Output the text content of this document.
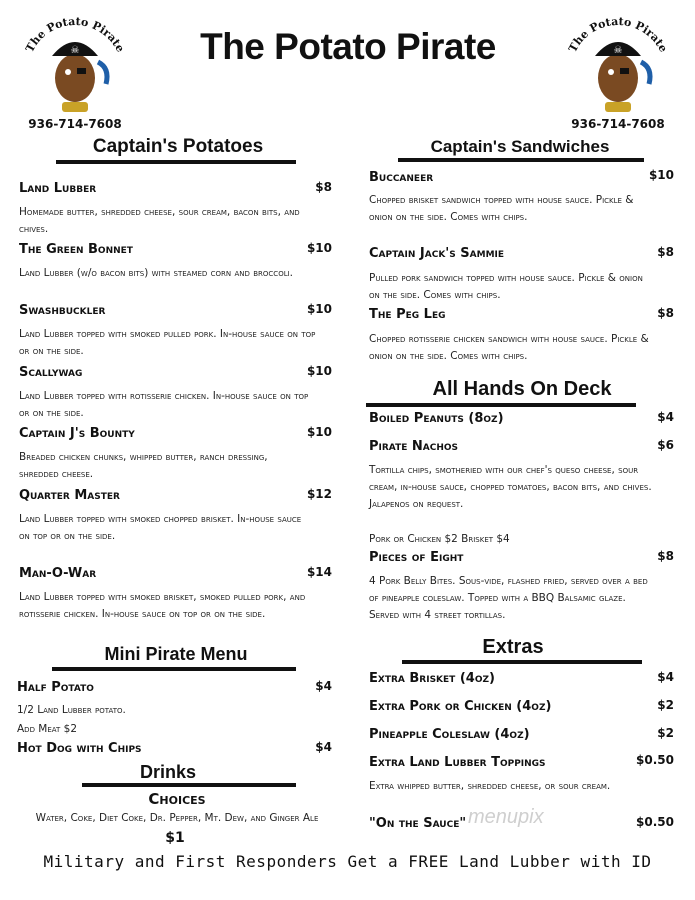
The Potato Pirate
☠
936-714-7608
The Potato Pirate
☠
936-714-7608
The Potato Pirate
Captain's Potatoes
Land Lubber	$8
Homemade butter, shredded cheese, sour cream, bacon bits, and chives.
The Green Bonnet	$10
Land Lubber (w/o bacon bits) with steamed corn and broccoli.
Swashbuckler	$10
Land Lubber topped with smoked pulled pork. In-house sauce on top or on the side.
Scallywag	$10
Land Lubber topped with rotisserie chicken. In-house sauce on top or on the side.
Captain J's Bounty	$10
Breaded chicken chunks, whipped butter, ranch dressing, shredded cheese.
Quarter Master	$12
Land Lubber topped with smoked chopped brisket. In-house sauce on top or on the side.
Man-O-War	$14
Land Lubber topped with smoked brisket, smoked pulled pork, and rotisserie chicken. In-house sauce on top or on the side.
Mini Pirate Menu
Half Potato	$4
1/2 Land Lubber potato.
Add Meat $2
Hot Dog with Chips	$4
Drinks
Choices
Water, Coke, Diet Coke, Dr. Pepper, Mt. Dew, and Ginger Ale
$1
Captain's Sandwiches
Buccaneer	$10
Chopped brisket sandwich topped with house sauce. Pickle & onion on the side. Comes with chips.
Captain Jack's Sammie	$8
Pulled pork sandwich topped with house sauce. Pickle & onion on the side. Comes with chips.
The Peg Leg	$8
Chopped rotisserie chicken sandwich with house sauce. Pickle & onion on the side. Comes with chips.
All Hands On Deck
Boiled Peanuts (8oz)	$4
Pirate Nachos	$6
Tortilla chips, smotheried with our chef's queso cheese, sour cream, in-house sauce, chopped tomatoes, bacon bits, and chives. Jalapenos on request.
Pork or Chicken $2 Brisket $4
Pieces of Eight	$8
4 Pork Belly Bites. Sous-vide, flashed fried, served over a bed of pineapple coleslaw. Topped with a BBQ Balsamic glaze. Served with 4 street tortillas.
Extras
Extra Brisket (4oz)	$4
Extra Pork or Chicken (4oz)	$2
Pineapple Coleslaw (4oz)	$2
Extra Land Lubber Toppings	$0.50
Extra whipped butter, shredded cheese, or sour cream.
"On the Sauce"	$0.50
menupix
Military and First Responders Get a FREE Land Lubber with ID
